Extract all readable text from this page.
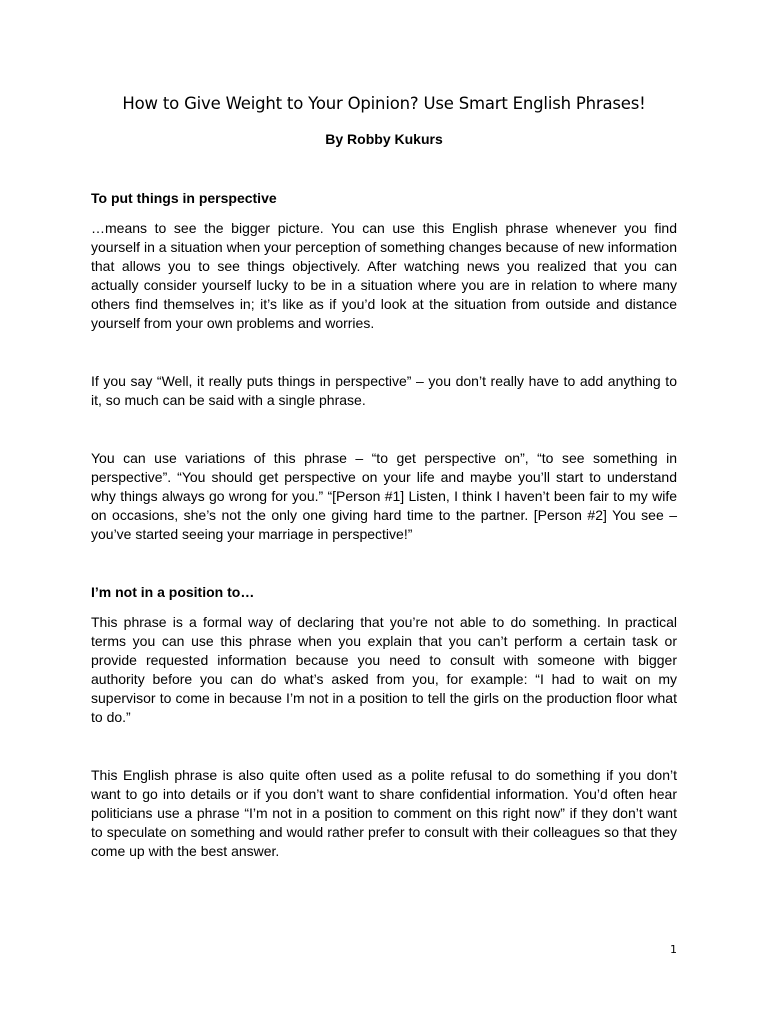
How to Give Weight to Your Opinion? Use Smart English Phrases!
By Robby Kukurs
To put things in perspective

…means to see the bigger picture. You can use this English phrase whenever you find yourself in a situation when your perception of something changes because of new information that allows you to see things objectively. After watching news you realized that you can actually consider yourself lucky to be in a situation where you are in relation to where many others find themselves in; it’s like as if you’d look at the situation from outside and distance yourself from your own problems and worries.

If you say “Well, it really puts things in perspective” – you don’t really have to add anything to it, so much can be said with a single phrase.

You can use variations of this phrase – “to get perspective on”, “to see something in perspective”. “You should get perspective on your life and maybe you’ll start to understand why things always go wrong for you.” “[Person #1] Listen, I think I haven’t been fair to my wife on occasions, she’s not the only one giving hard time to the partner. [Person #2] You see – you’ve started seeing your marriage in perspective!”

I’m not in a position to…

This phrase is a formal way of declaring that you’re not able to do something. In practical terms you can use this phrase when you explain that you can’t perform a certain task or provide requested information because you need to consult with someone with bigger authority before you can do what’s asked from you, for example: “I had to wait on my supervisor to come in because I’m not in a position to tell the girls on the production floor what to do.”

This English phrase is also quite often used as a polite refusal to do something if you don’t want to go into details or if you don’t want to share confidential information. You’d often hear politicians use a phrase “I’m not in a position to comment on this right now” if they don’t want to speculate on something and would rather prefer to consult with their colleagues so that they come up with the best answer.

1
